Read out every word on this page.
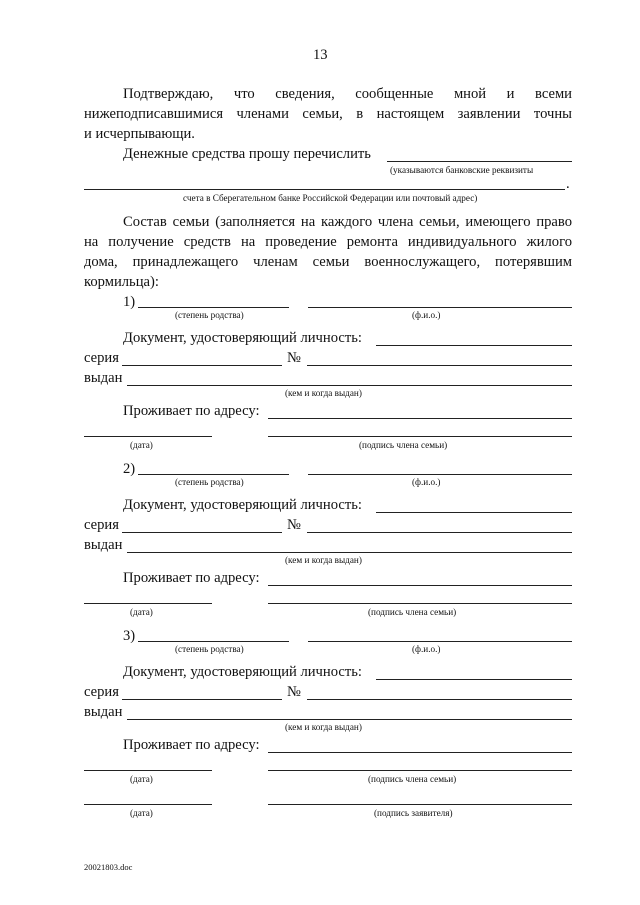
13
Подтверждаю, что сведения, сообщенные мной и всеми
нижеподписавшимися членами семьи, в настоящем заявлении точны
и исчерпывающи.
Денежные средства прошу перечислить
(указываются банковские реквизиты
.
счета в Сберегательном банке Российской Федерации или почтовый адрес)
Состав семьи (заполняется на каждого члена семьи, имеющего право
на получение средств на проведение ремонта индивидуального жилого
дома, принадлежащего членам семьи военнослужащего, потерявшим
кормильца):
1)
(степень родства)	(ф.и.о.)
Документ, удостоверяющий личность:
серия	№
выдан
(кем и когда выдан)
Проживает по адресу:
(дата)	(подпись члена семьи)
2)
(степень родства)	(ф.и.о.)
Документ, удостоверяющий личность:
серия	№
выдан
(кем и когда выдан)
Проживает по адресу:
(дата)	(подпись члена семьи)
3)
(степень родства)	(ф.и.о.)
Документ, удостоверяющий личность:
серия	№
выдан
(кем и когда выдан)
Проживает по адресу:
(дата)	(подпись члена семьи)
(дата)	(подпись заявителя)
20021803.doc
